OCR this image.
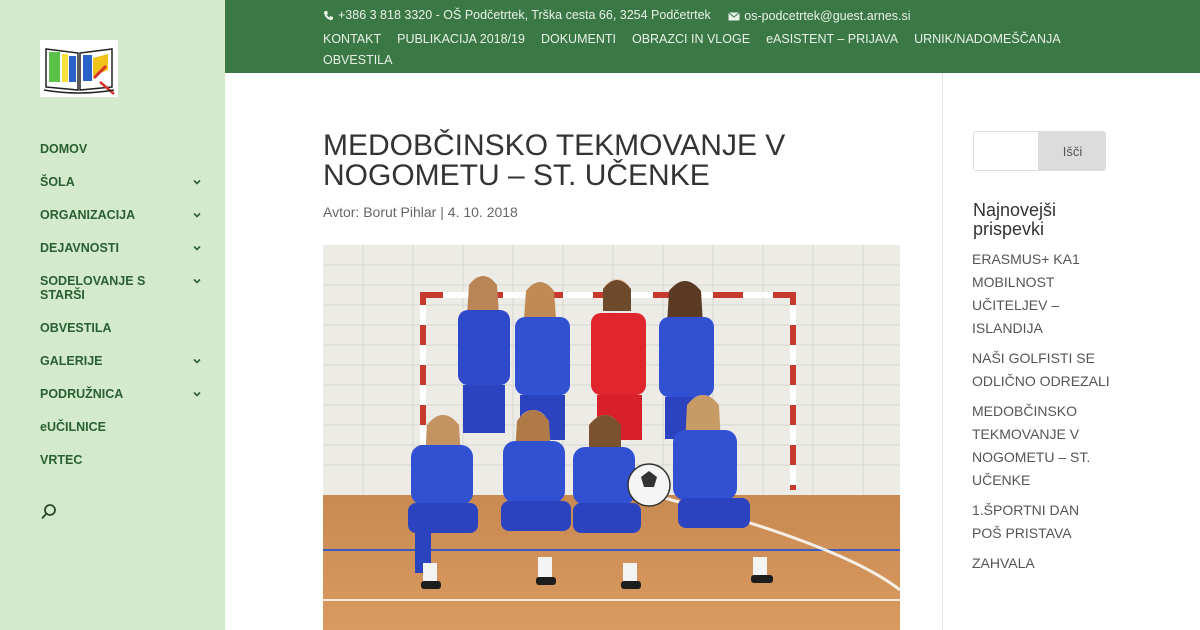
DOMOV
ŠOLA
ORGANIZACIJA
DEJAVNOSTI
SODELOVANJE S STARŠI
OBVESTILA
GALERIJE
PODRUŽNICA
eUČILNICE
VRTEC
+386 3 818 3320 - OŠ Podčetrtek, Trška cesta 66, 3254 Podčetrtek
	os-podcetrtek@guest.arnes.si
KONTAKT PUBLIKACIJA 2018/19 DOKUMENTI OBRAZCI IN VLOGE eASISTENT – PRIJAVA URNIK/NADOMEŠČANJAOBVESTILA
MEDOBČINSKO TEKMOVANJE V NOGOMETU – ST. UČENKE
Avtor: Borut Pihlar | 4. 10. 2018
Išči
Najnovejši prispevki
ERASMUS+ KA1 MOBILNOST UČITELJEV – ISLANDIJA
NAŠI GOLFISTI SE ODLIČNO ODREZALI
MEDOBČINSKO TEKMOVANJE V NOGOMETU – ST. UČENKE
1.ŠPORTNI DAN POŠ PRISTAVA
ZAHVALA
